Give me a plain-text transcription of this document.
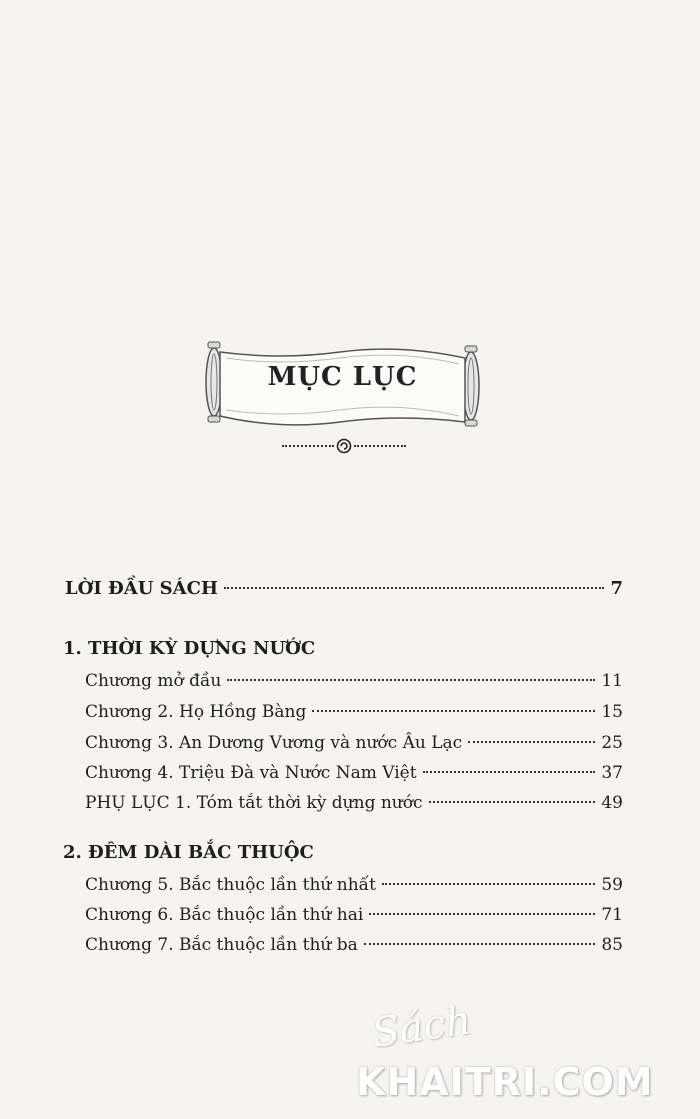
MỤC LỤC
LỜI ĐẦU SÁCH	7
1. THỜI KỲ DỰNG NƯỚC
Chương mở đầu	11
Chương 2. Họ Hồng Bàng	15
Chương 3. An Dương Vương và nước Âu Lạc	25
Chương 4. Triệu Đà và Nước Nam Việt	37
PHỤ LỤC 1. Tóm tắt thời kỳ dựng nước	49
2. ĐÊM DÀI BẮC THUỘC
Chương 5. Bắc thuộc lần thứ nhất	59
Chương 6. Bắc thuộc lần thứ hai	71
Chương 7. Bắc thuộc lần thứ ba	85
Sách
KHAITRI.COM
